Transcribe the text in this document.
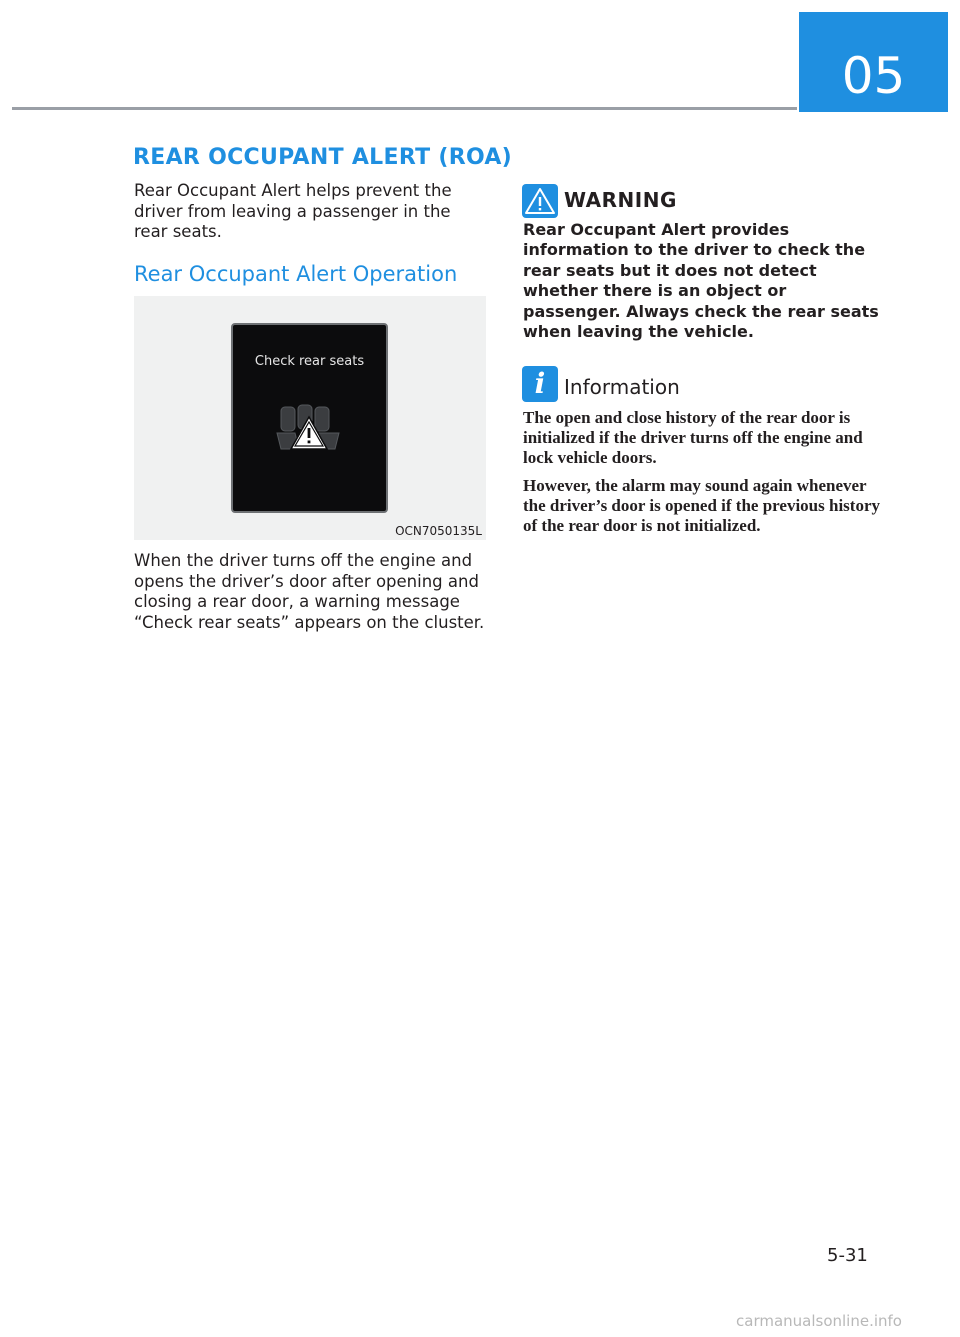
05
REAR OCCUPANT ALERT (ROA)
Rear Occupant Alert helps prevent the driver from leaving a passenger in the rear seats.
Rear Occupant Alert Operation
Check rear seats
OCN7050135L
When the driver turns off the engine and opens the driver’s door after opening and closing a rear door, a warning message “Check rear seats” appears on the cluster.
WARNING
Rear Occupant Alert provides information to the driver to check the rear seats but it does not detect whether there is an object or passenger. Always check the rear seats when leaving the vehicle.
i Information

The open and close history of the rear door is initialized if the driver turns off the engine and lock vehicle doors.

However, the alarm may sound again whenever the driver’s door is opened if the previous history of the rear door is not initialized.

5-31
carmanualsonline.info
